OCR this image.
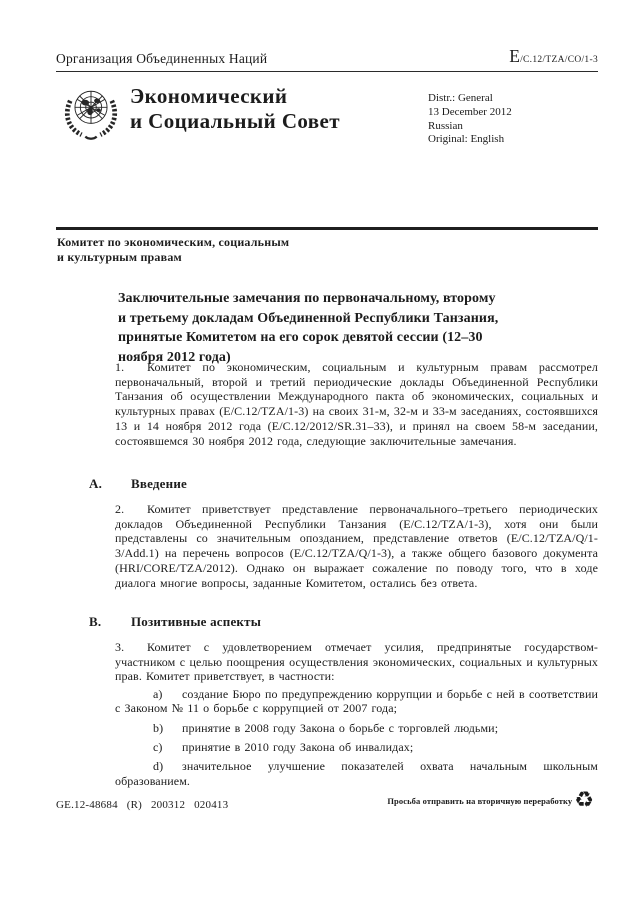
Организация Объединенных Наций	E/C.12/TZA/CO/1-3
Экономический
и Социальный Совет
Distr.: General
13 December 2012
Russian
Original: English
Комитет по экономическим, социальным
и культурным правам
Заключительные замечания по первоначальному, второму и третьему докладам Объединенной Республики Танзания, принятые Комитетом на его сорок девятой сессии (12–30 ноября 2012 года)

1. Комитет по экономическим, социальным и культурным правам рассмотрел первоначальный, второй и третий периодические доклады Объединенной Республики Танзания об осуществлении Международного пакта об экономических, социальных и культурных правах (E/C.12/TZA/1-3) на своих 31-м, 32-м и 33-м заседаниях, состоявшихся 13 и 14 ноября 2012 года (E/C.12/2012/SR.31–33), и принял на своем 58-м заседании, состоявшемся 30 ноября 2012 года, следующие заключительные замечания.

A. Введение

2. Комитет приветствует представление первоначального–третьего периодических докладов Объединенной Республики Танзания (E/C.12/TZA/1-3), хотя они были представлены со значительным опозданием, представление ответов (E/C.12/TZA/Q/1-3/Add.1) на перечень вопросов (E/C.12/TZA/Q/1-3), а также общего базового документа (HRI/CORE/TZA/2012). Однако он выражает сожаление по поводу того, что в ходе диалога многие вопросы, заданные Комитетом, остались без ответа.

B. Позитивные аспекты

3. Комитет с удовлетворением отмечает усилия, предпринятые государством-участником с целью поощрения осуществления экономических, социальных и культурных прав. Комитет приветствует, в частности:

a) создание Бюро по предупреждению коррупции и борьбе с ней в соответствии с Законом № 11 о борьбе с коррупцией от 2007 года;

b) принятие в 2008 году Закона о борьбе с торговлей людьми;

c) принятие в 2010 году Закона об инвалидах;

d) значительное улучшение показателей охвата начальным школьным образованием.

GE.12-48684 (R) 200312 020413	Просьба отправить на вторичную переработку ♻
